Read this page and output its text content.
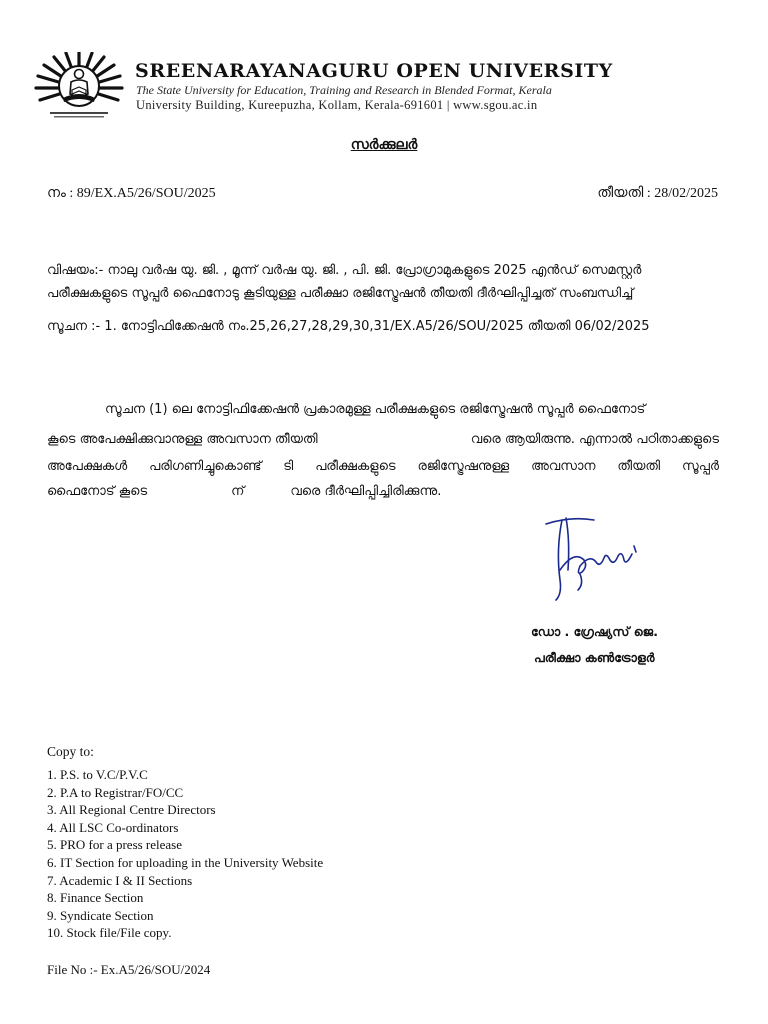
SREENARAYANAGURU OPEN UNIVERSITY
The State University for Education, Training and Research in Blended Format, Kerala
University Building, Kureepuzha, Kollam, Kerala-691601 | www.sgou.ac.in
സർക്കുലർ
നം : 89/EX.A5/26/SOU/2025	തീയതി : 28/02/2025
വിഷയം:- നാലു വർഷ യു. ജി. , മൂന്ന് വർഷ യു. ജി. , പി. ജി. പ്രോഗ്രാമുകളുടെ 2025 എൻഡ് സെമസ്റ്റർ
പരീക്ഷകളുടെ സൂപ്പർ ഫൈനോടു കൂടിയുള്ള പരീക്ഷാ രജിസ്ട്രേഷൻ തീയതി ദീർഘിപ്പിച്ചത് സംബന്ധിച്ച്
സൂചന :- 1. നോട്ടിഫിക്കേഷൻ നം.25,26,27,28,29,30,31/EX.A5/26/SOU/2025 തീയതി 06/02/2025
സൂചന (1) ലെ നോട്ടിഫിക്കേഷൻ പ്രകാരമുള്ള പരീക്ഷകളുടെ രജിസ്ട്രേഷൻ സൂപ്പർ ഫൈനോട്
കൂടെ അപേക്ഷിക്കുവാനുള്ള അവസാന തീയതി	വരെ ആയിരുന്നു. എന്നാൽ പഠിതാക്കളുടെ
അപേക്ഷകൾ പരിഗണിച്ചുകൊണ്ട് ടി പരീക്ഷകളുടെ രജിസ്ട്രേഷനുള്ള അവസാന തീയതി സൂപ്പർ
ഫൈനോട് കൂടെ	ന്	വരെ ദീർഘിപ്പിച്ചിരിക്കുന്നു.
ഡോ . ഗ്രേഷ്യസ് ജെ.
പരീക്ഷാ കൺട്രോളർ
Copy to:
1. P.S. to V.C/P.V.C
2. P.A to Registrar/FO/CC
3. All Regional Centre Directors
4. All LSC Co-ordinators
5. PRO for a press release
6. IT Section for uploading in the University Website
7. Academic I & II Sections
8. Finance Section
9. Syndicate Section
10. Stock file/File copy.
File No :- Ex.A5/26/SOU/2024
